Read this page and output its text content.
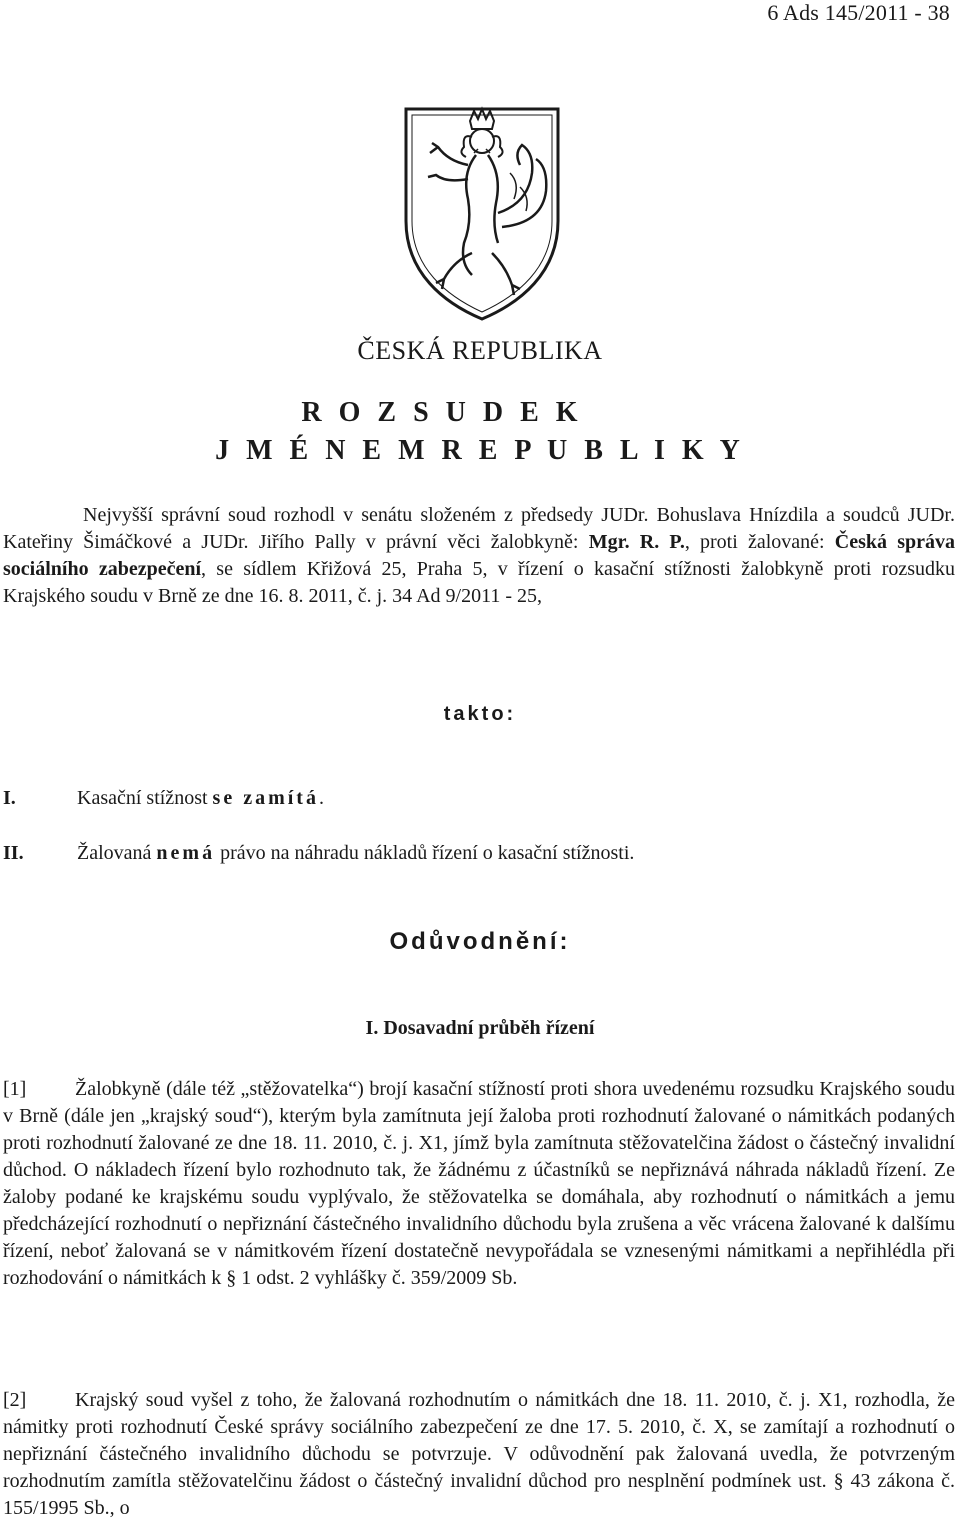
6 Ads 145/2011 - 38
ČESKÁ REPUBLIKA
R O Z S U D E K
J M É N E M R E P U B L I K Y
Nejvyšší správní soud rozhodl v senátu složeném z předsedy JUDr. Bohuslava Hnízdila a soudců JUDr. Kateřiny Šimáčkové a JUDr. Jiřího Pally v právní věci žalobkyně: Mgr. R. P., proti žalované: Česká správa sociálního zabezpečení, se sídlem Křižová 25, Praha 5, v řízení o kasační stížnosti žalobkyně proti rozsudku Krajského soudu v Brně ze dne 16. 8. 2011, č. j. 34 Ad 9/2011 - 25,
takto:
I.	Kasační stížnost se zamítá.
II.	Žalovaná nemá právo na náhradu nákladů řízení o kasační stížnosti.
Odůvodnění:
I. Dosavadní průběh řízení
[1] Žalobkyně (dále též „stěžovatelka“) brojí kasační stížností proti shora uvedenému rozsudku Krajského soudu v Brně (dále jen „krajský soud“), kterým byla zamítnuta její žaloba proti rozhodnutí žalované o námitkách podaných proti rozhodnutí žalované ze dne 18. 11. 2010, č. j. X1, jímž byla zamítnuta stěžovatelčina žádost o částečný invalidní důchod. O nákladech řízení bylo rozhodnuto tak, že žádnému z účastníků se nepřiznává náhrada nákladů řízení. Ze žaloby podané ke krajskému soudu vyplývalo, že stěžovatelka se domáhala, aby rozhodnutí o námitkách a jemu předcházející rozhodnutí o nepřiznání částečného invalidního důchodu byla zrušena a věc vrácena žalované k dalšímu řízení, neboť žalovaná se v námitkovém řízení dostatečně nevypořádala se vznesenými námitkami a nepřihlédla při rozhodování o námitkách k § 1 odst. 2 vyhlášky č. 359/2009 Sb.
[2] Krajský soud vyšel z toho, že žalovaná rozhodnutím o námitkách dne 18. 11. 2010, č. j. X1, rozhodla, že námitky proti rozhodnutí České správy sociálního zabezpečení ze dne 17. 5. 2010, č. X, se zamítají a rozhodnutí o nepřiznání částečného invalidního důchodu se potvrzuje. V odůvodnění pak žalovaná uvedla, že potvrzeným rozhodnutím zamítla stěžovatelčinu žádost o částečný invalidní důchod pro nesplnění podmínek ust. § 43 zákona č. 155/1995 Sb., o
